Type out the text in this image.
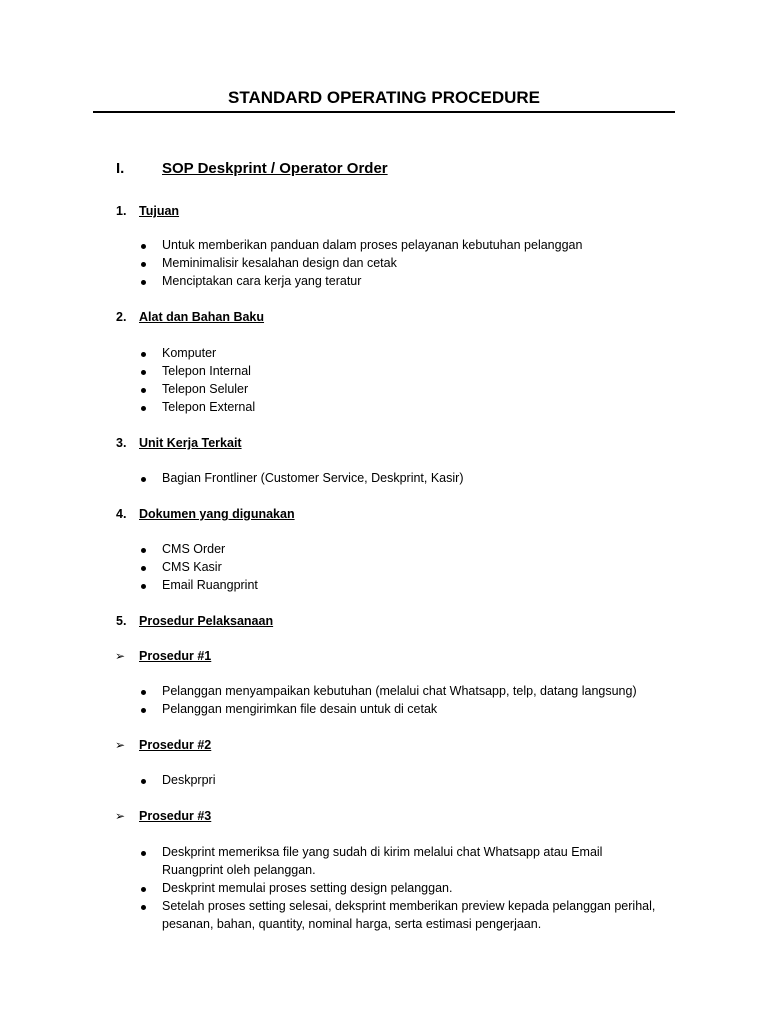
STANDARD OPERATING PROCEDURE
I.	SOP Deskprint / Operator Order
1. Tujuan
Untuk memberikan panduan dalam proses pelayanan kebutuhan pelanggan
Meminimalisir kesalahan design dan cetak
Menciptakan cara kerja yang teratur
2. Alat dan Bahan Baku
Komputer
Telepon Internal
Telepon Seluler
Telepon External
3. Unit Kerja Terkait
Bagian Frontliner (Customer Service, Deskprint, Kasir)
4. Dokumen yang digunakan
CMS Order
CMS Kasir
Email Ruangprint
5. Prosedur Pelaksanaan
➢ Prosedur #1
Pelanggan menyampaikan kebutuhan (melalui chat Whatsapp, telp, datang langsung)
Pelanggan mengirimkan file desain untuk di cetak
➢ Prosedur #2
Deskprpri
➢ Prosedur #3
Deskprint memeriksa file yang sudah di kirim melalui chat Whatsapp atau Email
Ruangprint oleh pelanggan.
Deskprint memulai proses setting design pelanggan.
Setelah proses setting selesai, deksprint memberikan preview kepada pelanggan perihal,
pesanan, bahan, quantity, nominal harga, serta estimasi pengerjaan.
